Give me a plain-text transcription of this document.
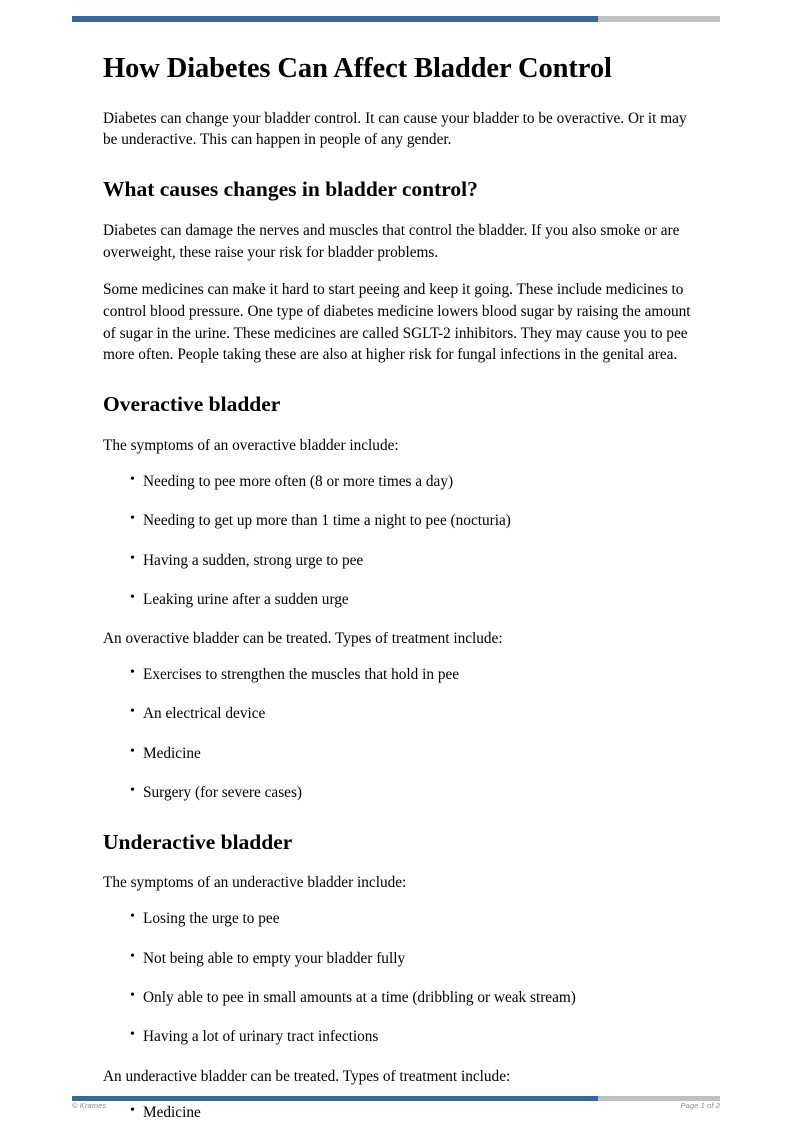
How Diabetes Can Affect Bladder Control

Diabetes can change your bladder control. It can cause your bladder to be overactive. Or it may be underactive. This can happen in people of any gender.

What causes changes in bladder control?

Diabetes can damage the nerves and muscles that control the bladder. If you also smoke or are overweight, these raise your risk for bladder problems.

Some medicines can make it hard to start peeing and keep it going. These include medicines to control blood pressure. One type of diabetes medicine lowers blood sugar by raising the amount of sugar in the urine. These medicines are called SGLT-2 inhibitors. They may cause you to pee more often. People taking these are also at higher risk for fungal infections in the genital area.

Overactive bladder

The symptoms of an overactive bladder include:

• Needing to pee more often (8 or more times a day)
• Needing to get up more than 1 time a night to pee (nocturia)
• Having a sudden, strong urge to pee
• Leaking urine after a sudden urge

An overactive bladder can be treated. Types of treatment include:

• Exercises to strengthen the muscles that hold in pee
• An electrical device
• Medicine
• Surgery (for severe cases)
Underactive bladder

The symptoms of an underactive bladder include:

• Losing the urge to pee
• Not being able to empty your bladder fully
• Only able to pee in small amounts at a time (dribbling or weak stream)
• Having a lot of urinary tract infections

An underactive bladder can be treated. Types of treatment include:

• Medicine
© Krames	Page 1 of 2
